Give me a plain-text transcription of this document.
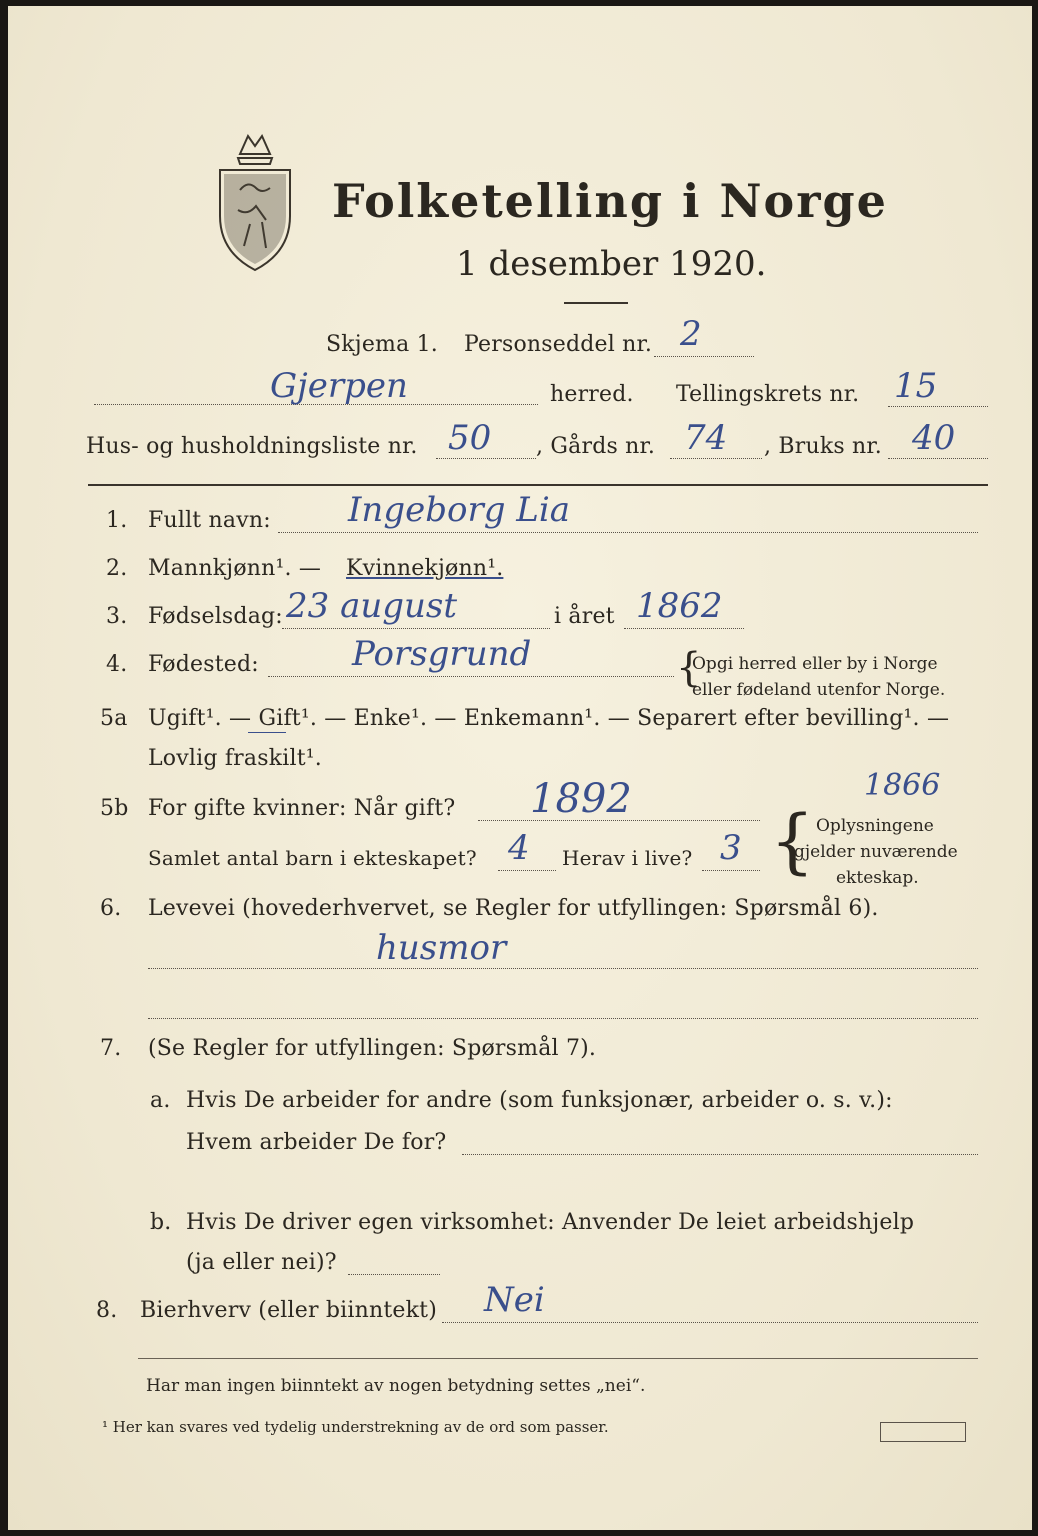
Folketelling i Norge
1 desember 1920.
Skjema 1. Personseddel nr. 2
Gjerpen	herred. Tellingskrets nr. 15
Hus- og husholdningsliste nr. 50 , Gårds nr. 74 , Bruks nr. 40
1. Fullt navn: Ingeborg Lia
2. Mannkjønn¹. — Kvinnekjønn¹.
3. Fødselsdag: 23 august	i året 1862
4. Fødested:	Porsgrund	{
Opgi herred eller by i Norge
eller fødeland utenfor Norge.
5a Ugift¹. — Gift¹. — Enke¹. — Enkemann¹. — Separert efter bevilling¹. —
Lovlig fraskilt¹.
5b For gifte kvinner: Når gift? 1892	1866
Samlet antal barn i ekteskapet? 4 Herav i live? 3 { Oplysningene
gjelder nuværende
ekteskap.
6. Levevei (hovederhvervet, se Regler for utfyllingen: Spørsmål 6).
husmor
7. (Se Regler for utfyllingen: Spørsmål 7).
a. Hvis De arbeider for andre (som funksjonær, arbeider o. s. v.):
Hvem arbeider De for?
b. Hvis De driver egen virksomhet: Anvender De leiet arbeidshjelp
(ja eller nei)?
8. Bierhverv (eller biinntekt) Nei
Har man ingen biinntekt av nogen betydning settes „nei“.
¹ Her kan svares ved tydelig understrekning av de ord som passer.
